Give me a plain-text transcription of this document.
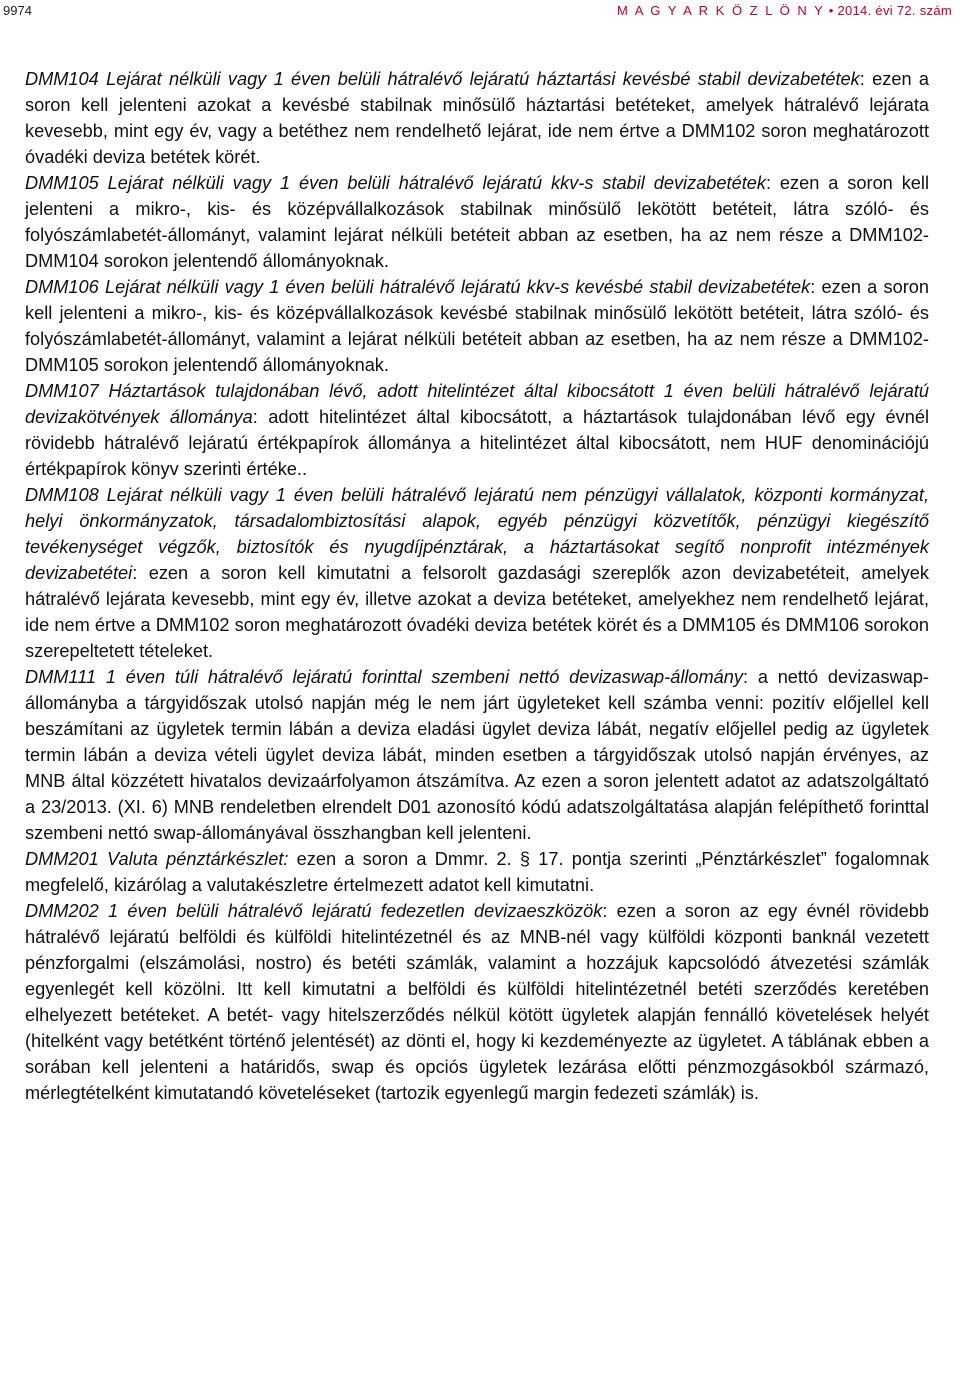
9974	M A G Y A R K Ö Z L Ö N Y • 2014. évi 72. szám

DMM104 Lejárat nélküli vagy 1 éven belüli hátralévő lejáratú háztartási kevésbé stabil devizabetétek: ezen a soron kell jelenteni azokat a kevésbé stabilnak minősülő háztartási betéteket, amelyek hátralévő lejárata kevesebb, mint egy év, vagy a betéthez nem rendelhető lejárat, ide nem értve a DMM102 soron meghatározott óvadéki deviza betétek körét.

DMM105 Lejárat nélküli vagy 1 éven belüli hátralévő lejáratú kkv-s stabil devizabetétek: ezen a soron kell jelenteni a mikro-, kis- és középvállalkozások stabilnak minősülő lekötött betéteit, látra szóló- és folyószámlabetét-állományt, valamint lejárat nélküli betéteit abban az esetben, ha az nem része a DMM102-DMM104 sorokon jelentendő állományoknak.

DMM106 Lejárat nélküli vagy 1 éven belüli hátralévő lejáratú kkv-s kevésbé stabil devizabetétek: ezen a soron kell jelenteni a mikro-, kis- és középvállalkozások kevésbé stabilnak minősülő lekötött betéteit, látra szóló- és folyószámlabetét-állományt, valamint a lejárat nélküli betéteit abban az esetben, ha az nem része a DMM102-DMM105 sorokon jelentendő állományoknak.

DMM107 Háztartások tulajdonában lévő, adott hitelintézet által kibocsátott 1 éven belüli hátralévő lejáratú devizakötvények állománya: adott hitelintézet által kibocsátott, a háztartások tulajdonában lévő egy évnél rövidebb hátralévő lejáratú értékpapírok állománya a hitelintézet által kibocsátott, nem HUF denominációjú értékpapírok könyv szerinti értéke..

DMM108 Lejárat nélküli vagy 1 éven belüli hátralévő lejáratú nem pénzügyi vállalatok, központi kormányzat, helyi önkormányzatok, társadalombiztosítási alapok, egyéb pénzügyi közvetítők, pénzügyi kiegészítő tevékenységet végzők, biztosítók és nyugdíjpénztárak, a háztartásokat segítő nonprofit intézmények devizabetétei: ezen a soron kell kimutatni a felsorolt gazdasági szereplők azon devizabetéteit, amelyek hátralévő lejárata kevesebb, mint egy év, illetve azokat a deviza betéteket, amelyekhez nem rendelhető lejárat, ide nem értve a DMM102 soron meghatározott óvadéki deviza betétek körét és a DMM105 és DMM106 sorokon szerepeltetett tételeket.

DMM111 1 éven túli hátralévő lejáratú forinttal szembeni nettó devizaswap-állomány: a nettó devizaswap-állományba a tárgyidőszak utolsó napján még le nem járt ügyleteket kell számba venni: pozitív előjellel kell beszámítani az ügyletek termin lábán a deviza eladási ügylet deviza lábát, negatív előjellel pedig az ügyletek termin lábán a deviza vételi ügylet deviza lábát, minden esetben a tárgyidőszak utolsó napján érvényes, az MNB által közzétett hivatalos devizaárfolyamon átszámítva. Az ezen a soron jelentett adatot az adatszolgáltató a 23/2013. (XI. 6) MNB rendeletben elrendelt D01 azonosító kódú adatszolgáltatása alapján felépíthető forinttal szembeni nettó swap-állományával összhangban kell jelenteni.

DMM201 Valuta pénztárkészlet: ezen a soron a Dmmr. 2. § 17. pontja szerinti „Pénztárkészlet” fogalomnak megfelelő, kizárólag a valutakészletre értelmezett adatot kell kimutatni.

DMM202 1 éven belüli hátralévő lejáratú fedezetlen devizaeszközök: ezen a soron az egy évnél rövidebb hátralévő lejáratú belföldi és külföldi hitelintézetnél és az MNB-nél vagy külföldi központi banknál vezetett pénzforgalmi (elszámolási, nostro) és betéti számlák, valamint a hozzájuk kapcsolódó átvezetési számlák egyenlegét kell közölni. Itt kell kimutatni a belföldi és külföldi hitelintézetnél betéti szerződés keretében elhelyezett betéteket. A betét- vagy hitelszerződés nélkül kötött ügyletek alapján fennálló követelések helyét (hitelként vagy betétként történő jelentését) az dönti el, hogy ki kezdeményezte az ügyletet. A táblának ebben a sorában kell jelenteni a határidős, swap és opciós ügyletek lezárása előtti pénzmozgásokból származó, mérlegtételként kimutatandó követeléseket (tartozik egyenlegű margin fedezeti számlák) is.
